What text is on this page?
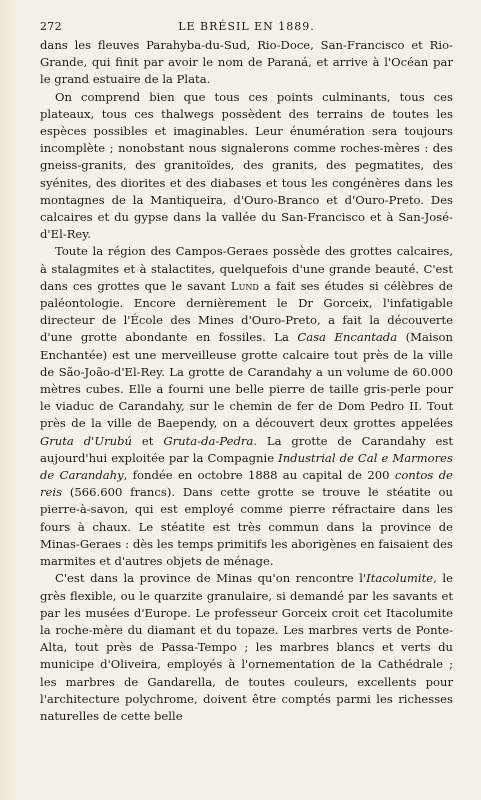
272	LE BRÉSIL EN 1889.

dans les fleuves Parahyba-du-Sud, Rio-Doce, San-Francisco et Rio-Grande, qui finit par avoir le nom de Paraná, et arrive à l'Océan par le grand estuaire de la Plata.

On comprend bien que tous ces points culminants, tous ces plateaux, tous ces thalwegs possèdent des terrains de toutes les espèces possibles et imaginables. Leur énumération sera toujours incomplète ; nonobstant nous signalerons comme roches-mères : des gneiss-granits, des granitoïdes, des granits, des pegmatites, des syénites, des diorites et des diabases et tous les congénères dans les montagnes de la Mantiqueira, d'Ouro-Branco et d'Ouro-Preto. Des calcaires et du gypse dans la vallée du San-Francisco et à San-José-d'El-Rey.

Toute la région des Campos-Geraes possède des grottes calcaires, à stalagmites et à stalactites, quelquefois d'une grande beauté. C'est dans ces grottes que le savant Lund a fait ses études si célèbres de paléontologie. Encore dernièrement le Dr Gorceix, l'infatigable directeur de l'École des Mines d'Ouro-Preto, a fait la découverte d'une grotte abondante en fossiles. La Casa Encantada (Maison Enchantée) est une merveilleuse grotte calcaire tout près de la ville de São-João-d'El-Rey. La grotte de Carandahy a un volume de 60.000 mètres cubes. Elle a fourni une belle pierre de taille gris-perle pour le viaduc de Carandahy, sur le chemin de fer de Dom Pedro II. Tout près de la ville de Baependy, on a découvert deux grottes appelées Gruta d'Urubú et Gruta-da-Pedra. La grotte de Carandahy est aujourd'hui exploitée par la Compagnie Industrial de Cal e Marmores de Carandahy, fondée en octobre 1888 au capital de 200 contos de reis (566.600 francs). Dans cette grotte se trouve le stéatite ou pierre-à-savon, qui est employé comme pierre réfractaire dans les fours à chaux. Le stéatite est très commun dans la province de Minas-Geraes : dès les temps primitifs les aborigènes en faisaient des marmites et d'autres objets de ménage.

C'est dans la province de Minas qu'on rencontre l'Itacolumite, le grès flexible, ou le quarzite granulaire, si demandé par les savants et par les musées d'Europe. Le professeur Gorceix croit cet Itacolumite la roche-mère du diamant et du topaze. Les marbres verts de Ponte-Alta, tout près de Passa-Tempo ; les marbres blancs et verts du municipe d'Oliveira, employés à l'ornementation de la Cathédrale ; les marbres de Gandarella, de toutes couleurs, excellents pour l'architecture polychrome, doivent être comptés parmi les richesses naturelles de cette belle
